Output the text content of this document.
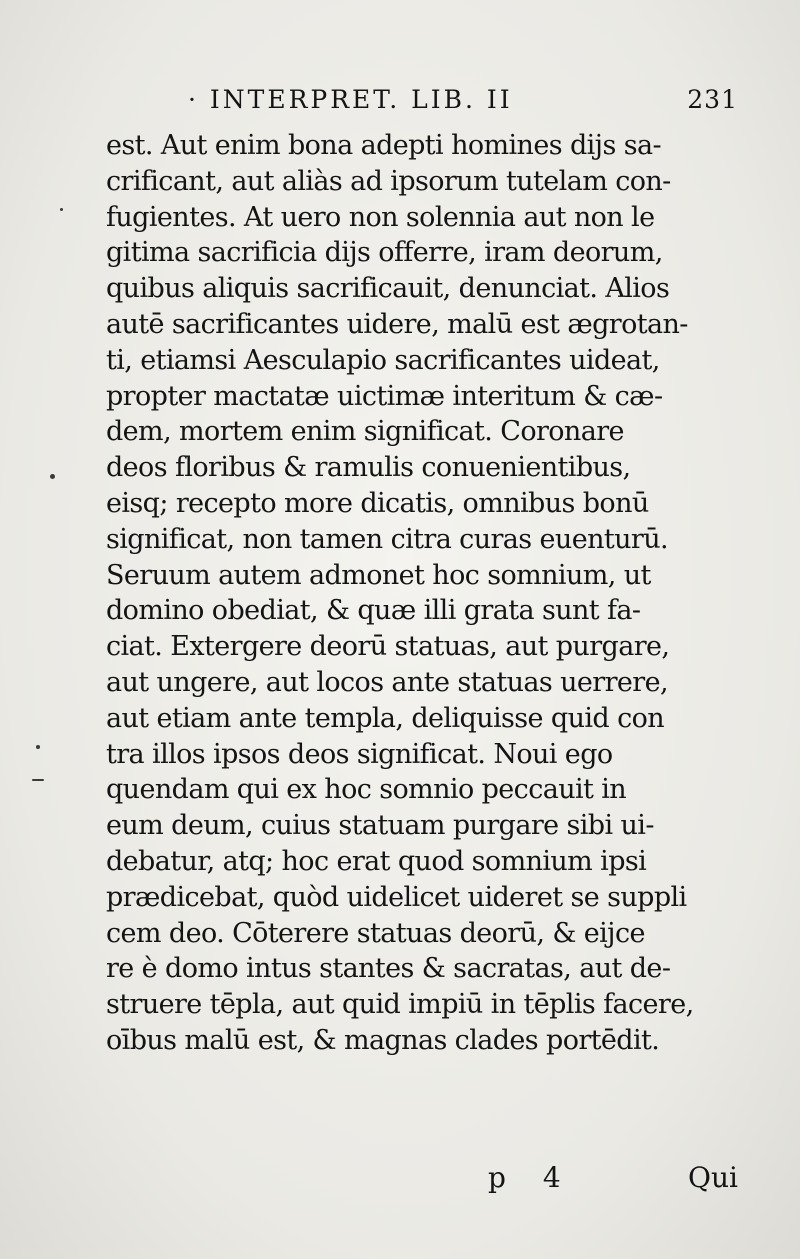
· INTERPRET. LIB. II	231
est. Aut enim bona adepti homines dijs sa-
crificant, aut aliàs ad ipsorum tutelam con-
fugientes. At uero non solennia aut non le
gitima sacrificia dijs offerre, iram deorum,
quibus aliquis sacrificauit, denunciat. Alios
autē sacrificantes uidere, malū est ægrotan-
ti, etiamsi Aesculapio sacrificantes uideat,
propter mactatæ uictimæ interitum & cæ-
dem, mortem enim significat. Coronare
deos floribus & ramulis conuenientibus,
eisq; recepto more dicatis, omnibus bonū
significat, non tamen citra curas euenturū.
Seruum autem admonet hoc somnium, ut
domino obediat, & quæ illi grata sunt fa-
ciat. Extergere deorū statuas, aut purgare,
aut ungere, aut locos ante statuas uerrere,
aut etiam ante templa, deliquisse quid con
tra illos ipsos deos significat. Noui ego
quendam qui ex hoc somnio peccauit in
eum deum, cuius statuam purgare sibi ui-
debatur, atq; hoc erat quod somnium ipsi
prædicebat, quòd uidelicet uideret se suppli
cem deo. Cōterere statuas deorū, & eijce
re è domo intus stantes & sacratas, aut de-
struere tēpla, aut quid impiū in tēplis facere,
oībus malū est, & magnas clades portēdit.
p 4	Qui
